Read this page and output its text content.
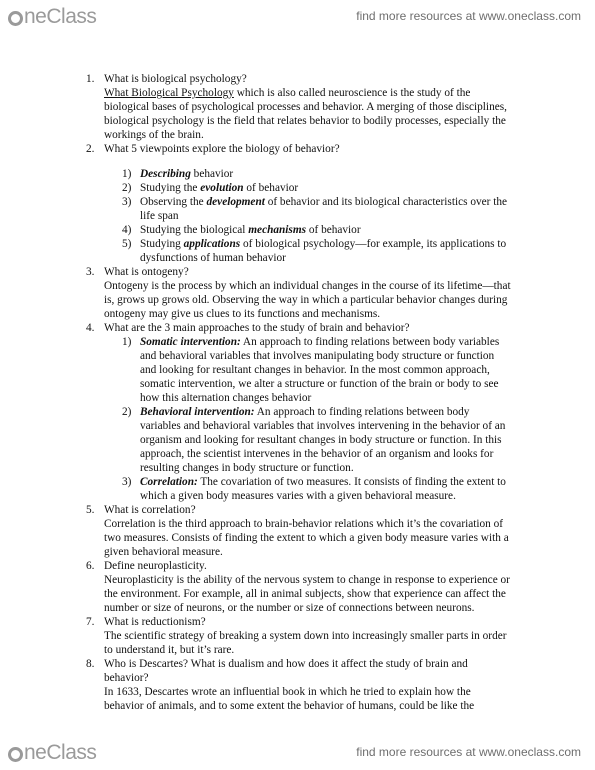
neClass	find more resources at www.oneclass.com
1. What is biological psychology?
What Biological Psychology which is also called neuroscience is the study of the
biological bases of psychological processes and behavior. A merging of those disciplines,
biological psychology is the field that relates behavior to bodily processes, especially the
workings of the brain.
2. What 5 viewpoints explore the biology of behavior?
1) Describing behavior
2) Studying the evolution of behavior
3) Observing the development of behavior and its biological characteristics over the
life span
4) Studying the biological mechanisms of behavior
5) Studying applications of biological psychology—for example, its applications to
dysfunctions of human behavior
3. What is ontogeny?
Ontogeny is the process by which an individual changes in the course of its lifetime—that
is, grows up grows old. Observing the way in which a particular behavior changes during
ontogeny may give us clues to its functions and mechanisms.
4. What are the 3 main approaches to the study of brain and behavior?
1) Somatic intervention: An approach to finding relations between body variables
and behavioral variables that involves manipulating body structure or function
and looking for resultant changes in behavior. In the most common approach,
somatic intervention, we alter a structure or function of the brain or body to see
how this alternation changes behavior
2) Behavioral intervention: An approach to finding relations between body
variables and behavioral variables that involves intervening in the behavior of an
organism and looking for resultant changes in body structure or function. In this
approach, the scientist intervenes in the behavior of an organism and looks for
resulting changes in body structure or function.
3) Correlation: The covariation of two measures. It consists of finding the extent to
which a given body measures varies with a given behavioral measure.
5. What is correlation?
Correlation is the third approach to brain-behavior relations which it’s the covariation of
two measures. Consists of finding the extent to which a given body measure varies with a
given behavioral measure.
6. Define neuroplasticity.
Neuroplasticity is the ability of the nervous system to change in response to experience or
the environment. For example, all in animal subjects, show that experience can affect the
number or size of neurons, or the number or size of connections between neurons.
7. What is reductionism?
The scientific strategy of breaking a system down into increasingly smaller parts in order
to understand it, but it’s rare.
8. Who is Descartes? What is dualism and how does it affect the study of brain and
behavior?
In 1633, Descartes wrote an influential book in which he tried to explain how the
behavior of animals, and to some extent the behavior of humans, could be like the
neClass	find more resources at www.oneclass.com
